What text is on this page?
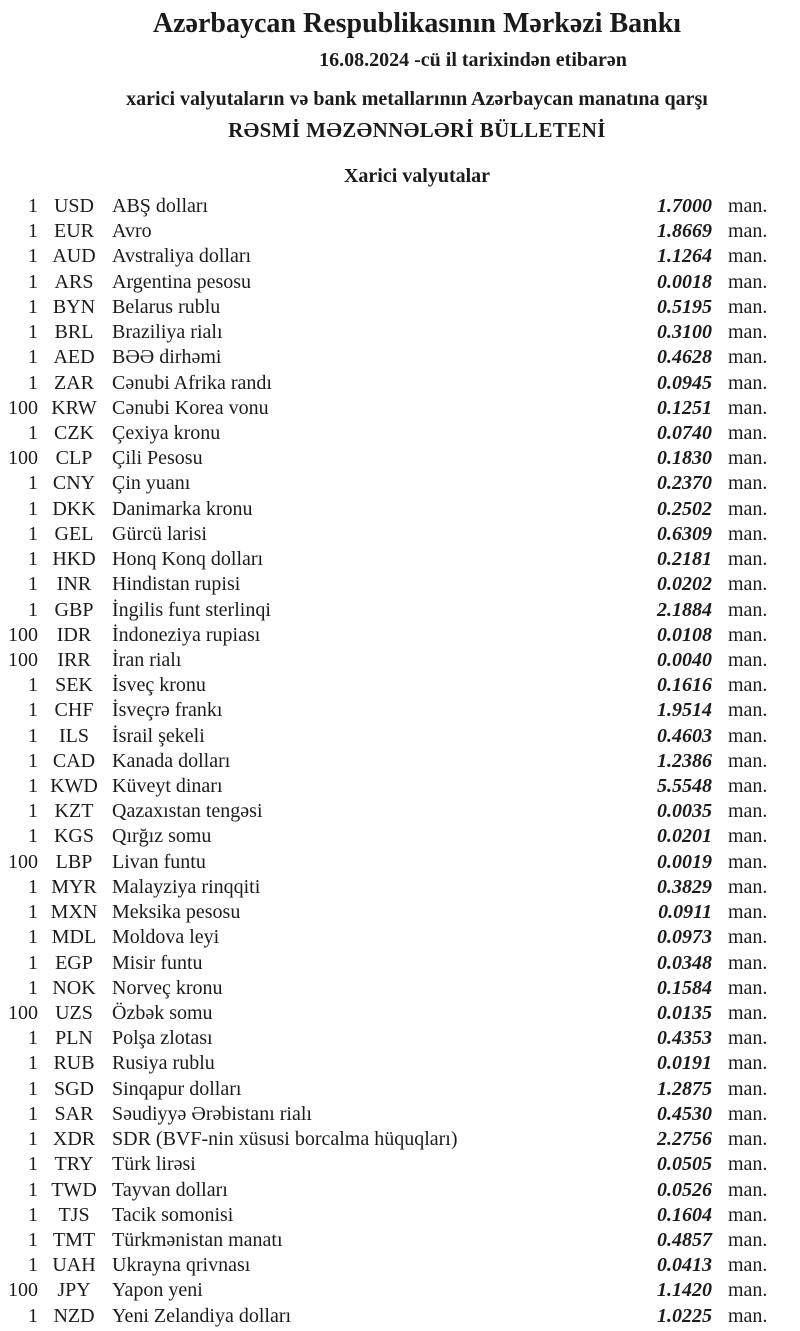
Azərbaycan Respublikasının Mərkəzi Bankı
16.08.2024 -cü il tarixindən etibarən
xarici valyutaların və bank metallarının Azərbaycan manatına qarşı
RƏSMİ MƏZƏNNƏLƏRİ BÜLLETENİ
Xarici valyutalar
1 USD ABŞ dolları	1.7000 man.
1 EUR Avro	1.8669 man.
1 AUD Avstraliya dolları	1.1264 man.
1 ARS Argentina pesosu	0.0018 man.
1 BYN Belarus rublu	0.5195 man.
1 BRL Braziliya rialı	0.3100 man.
1 AED BƏƏ dirhəmi	0.4628 man.
1 ZAR Cənubi Afrika randı	0.0945 man.
100 KRW Cənubi Korea vonu	0.1251 man.
1 CZK Çexiya kronu	0.0740 man.
100 CLP Çili Pesosu	0.1830 man.
1 CNY Çin yuanı	0.2370 man.
1 DKK Danimarka kronu	0.2502 man.
1 GEL Gürcü larisi	0.6309 man.
1 HKD Honq Konq dolları	0.2181 man.
1 INR	Hindistan rupisi	0.0202 man.
1 GBP İngilis funt sterlinqi	2.1884 man.
100 IDR	İndoneziya rupiası	0.0108 man.
100 IRR	İran rialı	0.0040 man.
1 SEK İsveç kronu	0.1616 man.
1 CHF İsveçrə frankı	1.9514 man.
1	ILS	İsrail şekeli	0.4603 man.
1 CAD Kanada dolları	1.2386 man.
1 KWD Küveyt dinarı	5.5548 man.
1 KZT Qazaxıstan tengəsi	0.0035 man.
1 KGS Qırğız somu	0.0201 man.
100 LBP Livan funtu	0.0019 man.
1 MYR Malayziya rinqqiti	0.3829 man.
1 MXN Meksika pesosu	0.0911 man.
1 MDL Moldova leyi	0.0973 man.
1 EGP Misir funtu	0.0348 man.
1 NOK Norveç kronu	0.1584 man.
100 UZS Özbək somu	0.0135 man.
1 PLN Polşa zlotası	0.4353 man.
1 RUB Rusiya rublu	0.0191 man.
1 SGD Sinqapur dolları	1.2875 man.
1 SAR Səudiyyə Ərəbistanı rialı	0.4530 man.
1 XDR SDR (BVF-nin xüsusi borcalma hüquqları)	2.2756 man.
1 TRY Türk lirəsi	0.0505 man.
1 TWD Tayvan dolları	0.0526 man.
1	TJS	Tacik somonisi	0.1604 man.
1 TMT Türkmənistan manatı	0.4857 man.
1 UAH Ukrayna qrivnası	0.0413 man.
100 JPY	Yapon yeni	1.1420 man.
1 NZD Yeni Zelandiya dolları	1.0225 man.
